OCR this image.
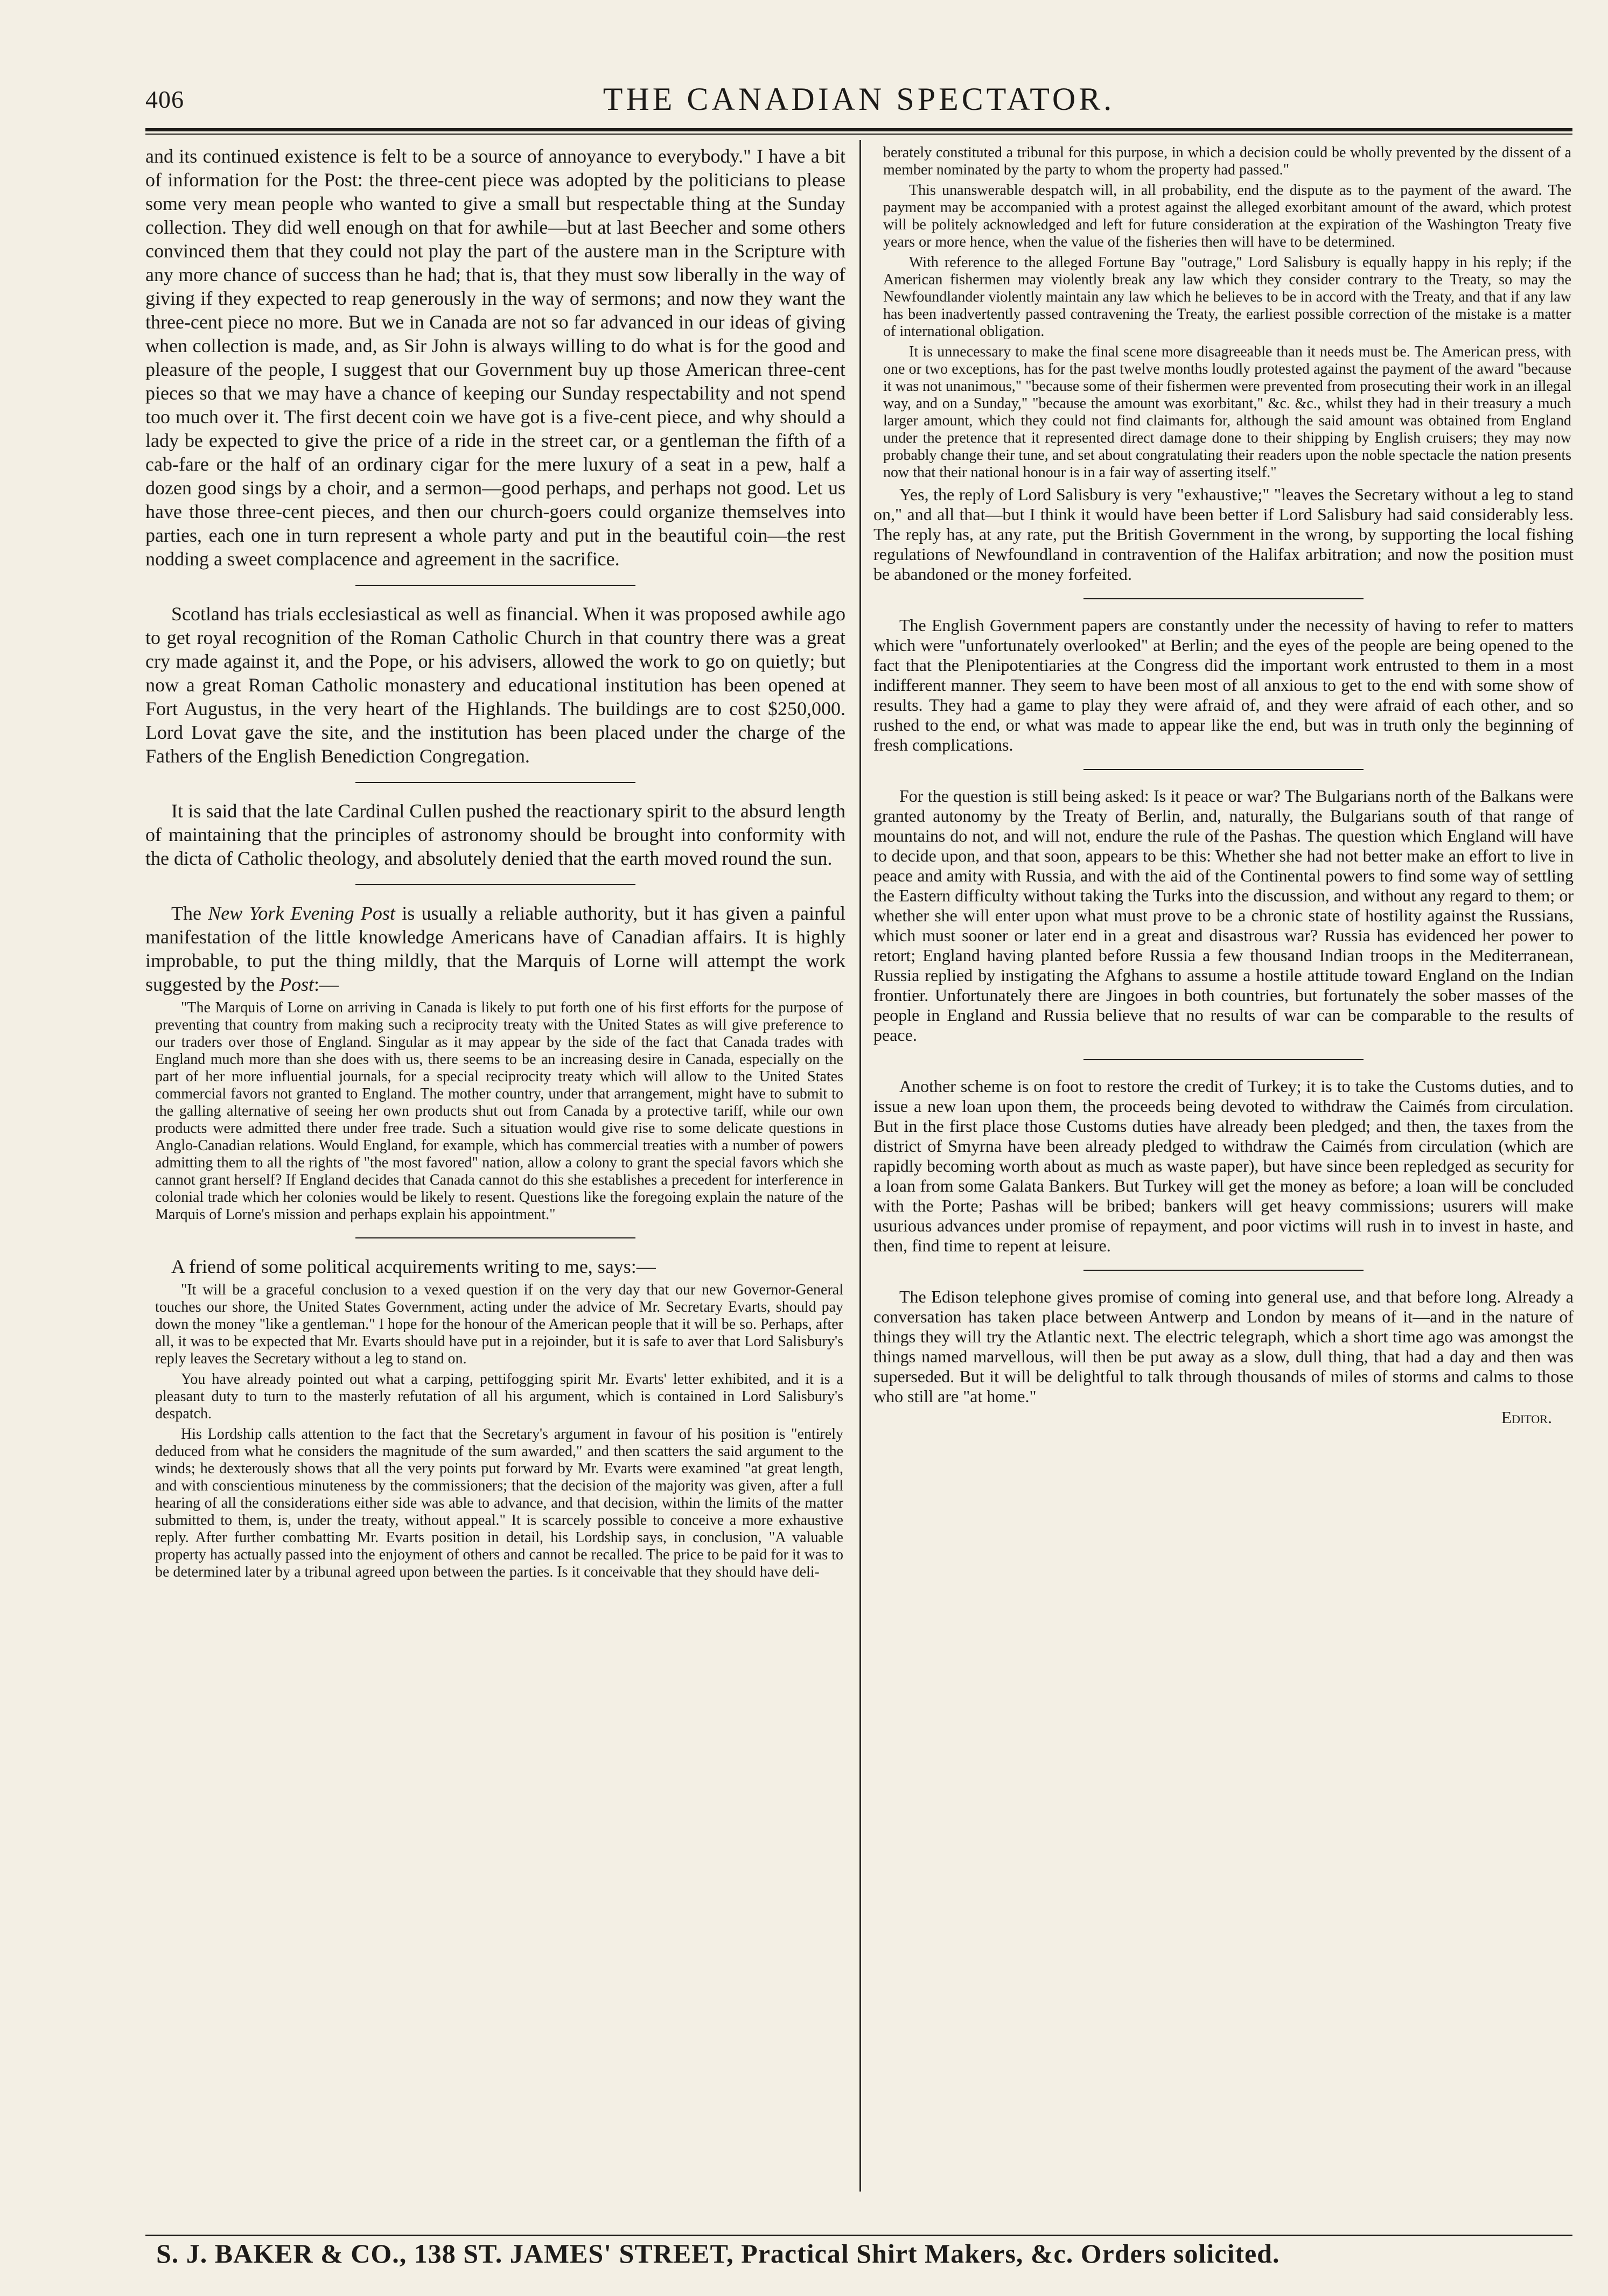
406	THE CANADIAN SPECTATOR.

and its continued existence is felt to be a source of annoyance to everybody." I have a bit of information for the Post: the three-cent piece was adopted by the politicians to please some very mean people who wanted to give a small but respectable thing at the Sunday collection. They did well enough on that for awhile—but at last Beecher and some others convinced them that they could not play the part of the austere man in the Scripture with any more chance of success than he had; that is, that they must sow liberally in the way of giving if they expected to reap generously in the way of sermons; and now they want the three-cent piece no more. But we in Canada are not so far advanced in our ideas of giving when collection is made, and, as Sir John is always willing to do what is for the good and pleasure of the people, I suggest that our Government buy up those American three-cent pieces so that we may have a chance of keeping our Sunday respectability and not spend too much over it. The first decent coin we have got is a five-cent piece, and why should a lady be expected to give the price of a ride in the street car, or a gentleman the fifth of a cab-fare or the half of an ordinary cigar for the mere luxury of a seat in a pew, half a dozen good sings by a choir, and a sermon—good perhaps, and perhaps not good. Let us have those three-cent pieces, and then our church-goers could organize themselves into parties, each one in turn represent a whole party and put in the beautiful coin—the rest nodding a sweet complacence and agreement in the sacrifice.

Scotland has trials ecclesiastical as well as financial. When it was proposed awhile ago to get royal recognition of the Roman Catholic Church in that country there was a great cry made against it, and the Pope, or his advisers, allowed the work to go on quietly; but now a great Roman Catholic monastery and educational institution has been opened at Fort Augustus, in the very heart of the Highlands. The buildings are to cost $250,000. Lord Lovat gave the site, and the institution has been placed under the charge of the Fathers of the English Benediction Congregation.

It is said that the late Cardinal Cullen pushed the reactionary spirit to the absurd length of maintaining that the principles of astronomy should be brought into conformity with the dicta of Catholic theology, and absolutely denied that the earth moved round the sun.

The New York Evening Post is usually a reliable authority, but it has given a painful manifestation of the little knowledge Americans have of Canadian affairs. It is highly improbable, to put the thing mildly, that the Marquis of Lorne will attempt the work suggested by the Post:—

"The Marquis of Lorne on arriving in Canada is likely to put forth one of his first efforts for the purpose of preventing that country from making such a reciprocity treaty with the United States as will give preference to our traders over those of England. Singular as it may appear by the side of the fact that Canada trades with England much more than she does with us, there seems to be an increasing desire in Canada, especially on the part of her more influential journals, for a special reciprocity treaty which will allow to the United States commercial favors not granted to England. The mother country, under that arrangement, might have to submit to the galling alternative of seeing her own products shut out from Canada by a protective tariff, while our own products were admitted there under free trade. Such a situation would give rise to some delicate questions in Anglo-Canadian relations. Would England, for example, which has commercial treaties with a number of powers admitting them to all the rights of "the most favored" nation, allow a colony to grant the special favors which she cannot grant herself? If England decides that Canada cannot do this she establishes a precedent for interference in colonial trade which her colonies would be likely to resent. Questions like the foregoing explain the nature of the Marquis of Lorne's mission and perhaps explain his appointment."

A friend of some political acquirements writing to me, says:—

"It will be a graceful conclusion to a vexed question if on the very day that our new Governor-General touches our shore, the United States Government, acting under the advice of Mr. Secretary Evarts, should pay down the money "like a gentleman." I hope for the honour of the American people that it will be so. Perhaps, after all, it was to be expected that Mr. Evarts should have put in a rejoinder, but it is safe to aver that Lord Salisbury's reply leaves the Secretary without a leg to stand on.

You have already pointed out what a carping, pettifogging spirit Mr. Evarts' letter exhibited, and it is a pleasant duty to turn to the masterly refutation of all his argument, which is contained in Lord Salisbury's despatch.

His Lordship calls attention to the fact that the Secretary's argument in favour of his position is "entirely deduced from what he considers the magnitude of the sum awarded," and then scatters the said argument to the winds; he dexterously shows that all the very points put forward by Mr. Evarts were examined "at great length, and with conscientious minuteness by the commissioners; that the decision of the majority was given, after a full hearing of all the considerations either side was able to advance, and that decision, within the limits of the matter submitted to them, is, under the treaty, without appeal." It is scarcely possible to conceive a more exhaustive reply. After further combatting Mr. Evarts position in detail, his Lordship says, in conclusion, "A valuable property has actually passed into the enjoyment of others and cannot be recalled. The price to be paid for it was to be determined later by a tribunal agreed upon between the parties. Is it conceivable that they should have deli-

berately constituted a tribunal for this purpose, in which a decision could be wholly prevented by the dissent of a member nominated by the party to whom the property had passed."

This unanswerable despatch will, in all probability, end the dispute as to the payment of the award. The payment may be accompanied with a protest against the alleged exorbitant amount of the award, which protest will be politely acknowledged and left for future consideration at the expiration of the Washington Treaty five years or more hence, when the value of the fisheries then will have to be determined.

With reference to the alleged Fortune Bay "outrage," Lord Salisbury is equally happy in his reply; if the American fishermen may violently break any law which they consider contrary to the Treaty, so may the Newfoundlander violently maintain any law which he believes to be in accord with the Treaty, and that if any law has been inadvertently passed contravening the Treaty, the earliest possible correction of the mistake is a matter of international obligation.

It is unnecessary to make the final scene more disagreeable than it needs must be. The American press, with one or two exceptions, has for the past twelve months loudly protested against the payment of the award "because it was not unanimous," "because some of their fishermen were prevented from prosecuting their work in an illegal way, and on a Sunday," "because the amount was exorbitant," &c. &c., whilst they had in their treasury a much larger amount, which they could not find claimants for, although the said amount was obtained from England under the pretence that it represented direct damage done to their shipping by English cruisers; they may now probably change their tune, and set about congratulating their readers upon the noble spectacle the nation presents now that their national honour is in a fair way of asserting itself."

Yes, the reply of Lord Salisbury is very "exhaustive;" "leaves the Secretary without a leg to stand on," and all that—but I think it would have been better if Lord Salisbury had said considerably less. The reply has, at any rate, put the British Government in the wrong, by supporting the local fishing regulations of Newfoundland in contravention of the Halifax arbitration; and now the position must be abandoned or the money forfeited.

The English Government papers are constantly under the necessity of having to refer to matters which were "unfortunately overlooked" at Berlin; and the eyes of the people are being opened to the fact that the Plenipotentiaries at the Congress did the important work entrusted to them in a most indifferent manner. They seem to have been most of all anxious to get to the end with some show of results. They had a game to play they were afraid of, and they were afraid of each other, and so rushed to the end, or what was made to appear like the end, but was in truth only the beginning of fresh complications.

For the question is still being asked: Is it peace or war? The Bulgarians north of the Balkans were granted autonomy by the Treaty of Berlin, and, naturally, the Bulgarians south of that range of mountains do not, and will not, endure the rule of the Pashas. The question which England will have to decide upon, and that soon, appears to be this: Whether she had not better make an effort to live in peace and amity with Russia, and with the aid of the Continental powers to find some way of settling the Eastern difficulty without taking the Turks into the discussion, and without any regard to them; or whether she will enter upon what must prove to be a chronic state of hostility against the Russians, which must sooner or later end in a great and disastrous war? Russia has evidenced her power to retort; England having planted before Russia a few thousand Indian troops in the Mediterranean, Russia replied by instigating the Afghans to assume a hostile attitude toward England on the Indian frontier. Unfortunately there are Jingoes in both countries, but fortunately the sober masses of the people in England and Russia believe that no results of war can be comparable to the results of peace.

Another scheme is on foot to restore the credit of Turkey; it is to take the Customs duties, and to issue a new loan upon them, the proceeds being devoted to withdraw the Caimés from circulation. But in the first place those Customs duties have already been pledged; and then, the taxes from the district of Smyrna have been already pledged to withdraw the Caimés from circulation (which are rapidly becoming worth about as much as waste paper), but have since been repledged as security for a loan from some Galata Bankers. But Turkey will get the money as before; a loan will be concluded with the Porte; Pashas will be bribed; bankers will get heavy commissions; usurers will make usurious advances under promise of repayment, and poor victims will rush in to invest in haste, and then, find time to repent at leisure.

The Edison telephone gives promise of coming into general use, and that before long. Already a conversation has taken place between Antwerp and London by means of it—and in the nature of things they will try the Atlantic next. The electric telegraph, which a short time ago was amongst the things named marvellous, will then be put away as a slow, dull thing, that had a day and then was superseded. But it will be delightful to talk through thousands of miles of storms and calms to those who still are "at home."

Editor.
S. J. BAKER & CO., 138 ST. JAMES' STREET, Practical Shirt Makers, &c. Orders solicited.
